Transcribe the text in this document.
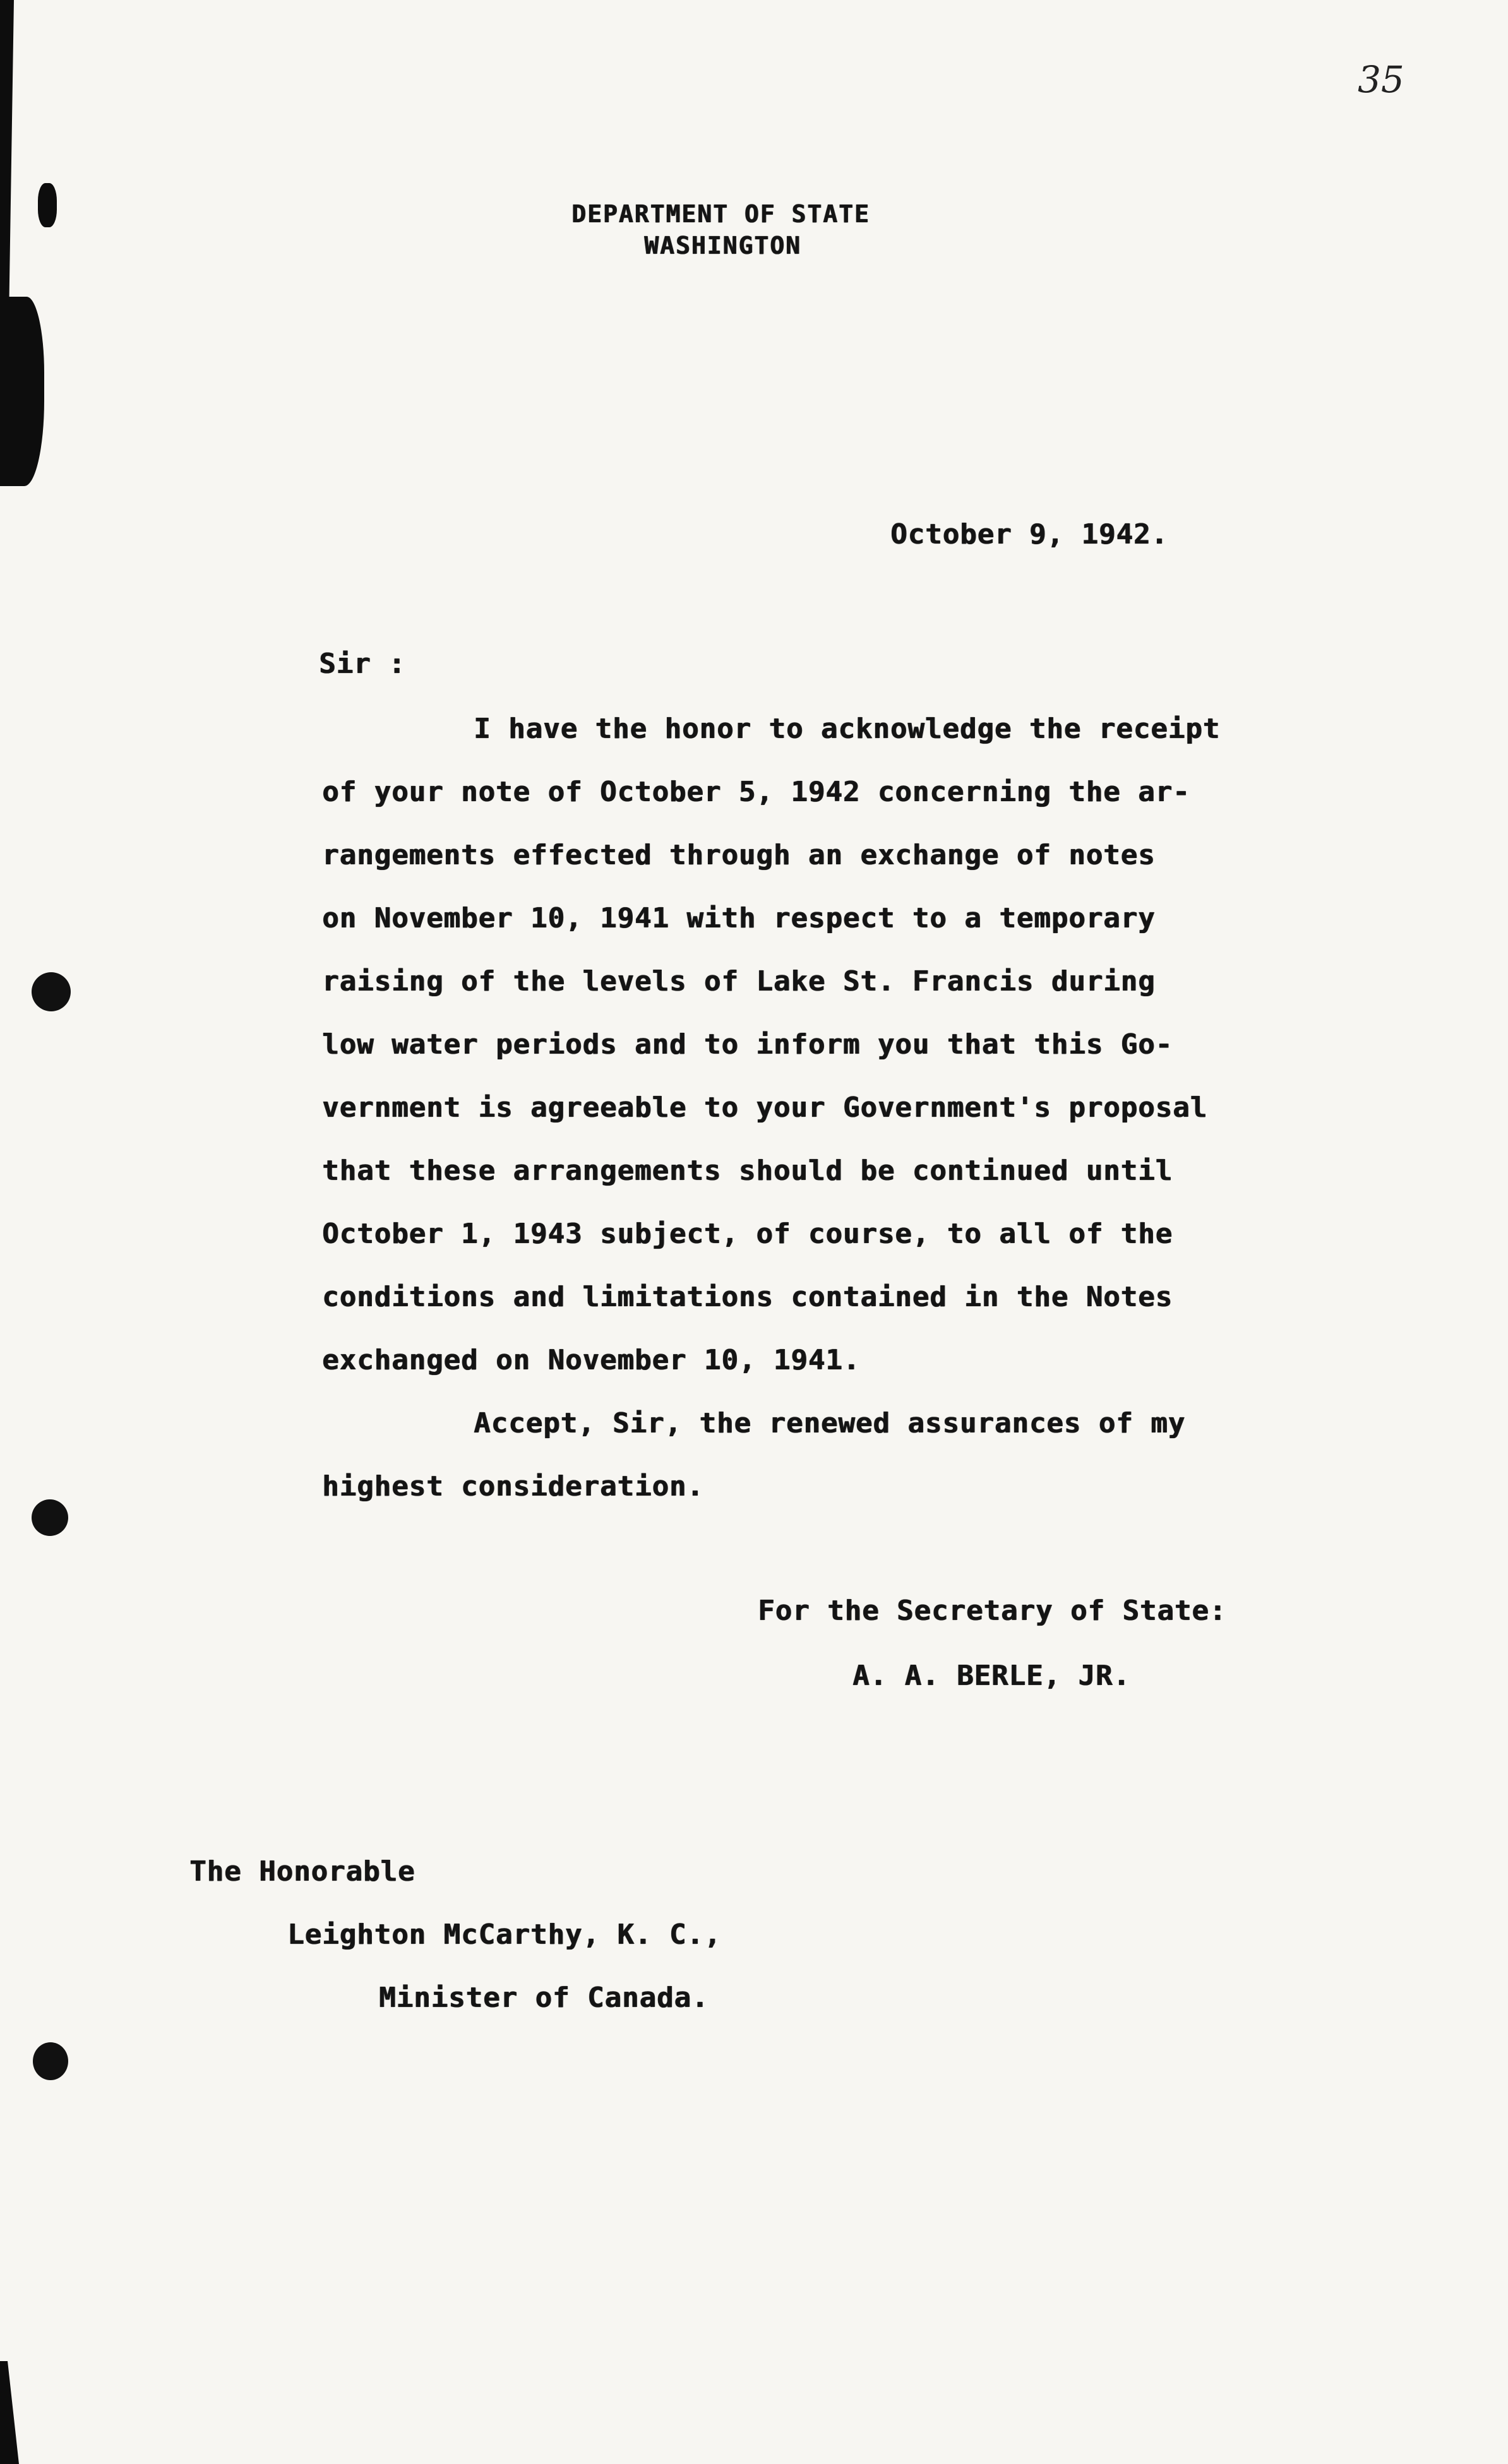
35
DEPARTMENT OF STATE
WASHINGTON
October 9, 1942.
Sir :
I have the honor to acknowledge the receipt
of your note of October 5, 1942 concerning the ar-
rangements effected through an exchange of notes
on November 10, 1941 with respect to a temporary
raising of the levels of Lake St. Francis during
low water periods and to inform you that this Go-
vernment is agreeable to your Government's proposal
that these arrangements should be continued until
October 1, 1943 subject, of course, to all of the
conditions and limitations contained in the Notes
exchanged on November 10, 1941.
Accept, Sir, the renewed assurances of my
highest consideration.
For the Secretary of State:
A. A. BERLE, JR.
The Honorable
Leighton McCarthy, K. C.,
Minister of Canada.
